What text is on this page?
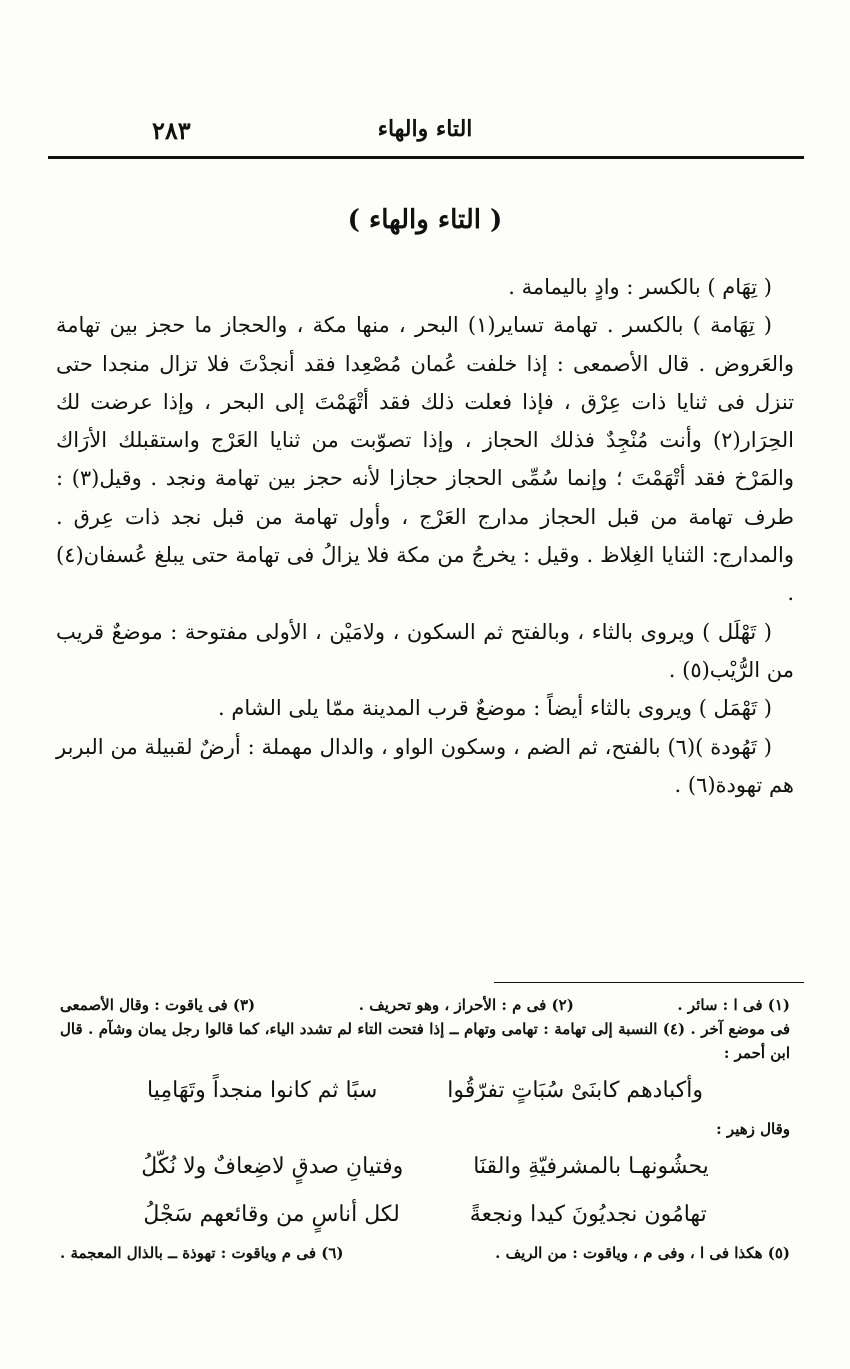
التاء والهاء
٢٨٣
( التاء والهاء )

( تِهَام ) بالكسر : وادٍ باليمامة .

( تِهَامة ) بالكسر . تهامة تساير(١) البحر ، منها مكة ، والحجاز ما حجز بين تهامة والعَروض . قال الأصمعى : إذا خلفت عُمان مُصْعِدا فقد أنجدْتَ فلا تزال منجدا حتى تنزل فى ثنايا ذات عِرْق ، فإذا فعلت ذلك فقد أتْهَمْتَ إلى البحر ، وإذا عرضت لك الحِرَار(٢) وأنت مُنْجِدٌ فذلك الحجاز ، وإذا تصوّبت من ثنايا العَرْج واستقبلك الأرَاك والمَرْخ فقد أتْهَمْتَ ؛ وإنما سُمِّى الحجاز حجازا لأنه حجز بين تهامة ونجد . وقيل(٣) : طرف تهامة من قبل الحجاز مدارج العَرْج ، وأول تهامة من قبل نجد ذات عِرق . والمدارج: الثنايا الغِلاظ . وقيل : يخرجُ من مكة فلا يزالُ فى تهامة حتى يبلغ عُسفان(٤) .

( تَهْلَل ) ويروى بالثاء ، وبالفتح ثم السكون ، ولامَيْن ، الأولى مفتوحة : موضعٌ قريب من الرُّيْب(٥) .

( تَهْمَل ) ويروى بالثاء أيضاً : موضعٌ قرب المدينة ممّا يلى الشام .

( تَهُودة )(٦) بالفتح، ثم الضم ، وسكون الواو ، والدال مهملة : أرضٌ لقبيلة من البربر هم تهودة(٦) .

(١) فى ا : سائر .
(٢) فى م : الأحراز ، وهو تحريف .
(٣) فى ياقوت : وقال الأصمعى

فى موضع آخر . (٤) النسبة إلى تهامة : تهامى وتهام ــ إذا فتحت التاء لم تشدد الياء، كما قالوا رجل يمان وشآم . قال ابن أحمر :

وأكبادهم كابنَىْ سُبَاتٍ تفرّقُوا
سبًا ثم كانوا منجداً وتَهَامِيا

وقال زهير :

يحشُونهـا بالمشرفيّةِ والقنَا
وفتيانِ صدقٍ لاضِعافٌ ولا نُكّلُ
تهامُون نجديُونَ كيدا ونجعةً
لكل أناسٍ من وقائعهم سَجْلُ
(٥) هكذا فى ا ، وفى م ، وياقوت : من الريف .
(٦) فى م وياقوت : تهوذة ــ بالذال المعجمة .
